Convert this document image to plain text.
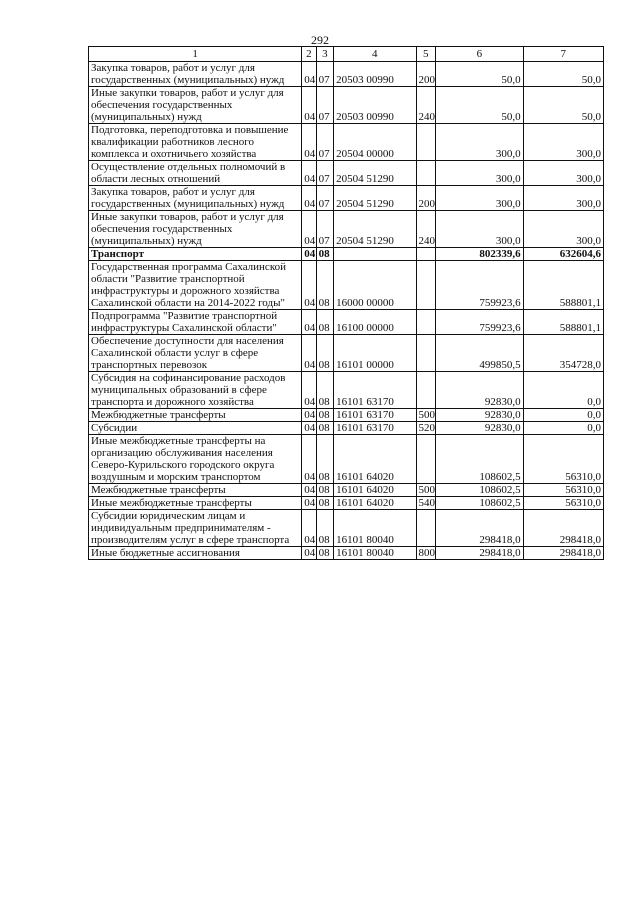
292
1	2	3	4	5	6	7
Закупка товаров, работ и услуг для государственных (муниципальных) нужд	04	07	20503 00990	200	50,0	50,0
Иные закупки товаров, работ и услуг для обеспечения государственных (муниципальных) нужд	04	07	20503 00990	240	50,0	50,0
Подготовка, переподготовка и повышение квалификации работников лесного комплекса и охотничьего хозяйства	04	07	20504 00000		300,0	300,0
Осуществление отдельных полномочий в области лесных отношений	04	07	20504 51290		300,0	300,0
Закупка товаров, работ и услуг для государственных (муниципальных) нужд	04	07	20504 51290	200	300,0	300,0
Иные закупки товаров, работ и услуг для обеспечения государственных (муниципальных) нужд	04	07	20504 51290	240	300,0	300,0
Транспорт	04	08			802339,6	632604,6
Государственная программа Сахалинской области "Развитие транспортной инфраструктуры и дорожного хозяйства Сахалинской области на 2014-2022 годы"	04	08	16000 00000		759923,6	588801,1
Подпрограмма "Развитие транспортной инфраструктуры Сахалинской области"	04	08	16100 00000		759923,6	588801,1
Обеспечение доступности для населения Сахалинской области услуг в сфере транспортных перевозок	04	08	16101 00000		499850,5	354728,0
Субсидия на софинансирование расходов муниципальных образований в сфере транспорта и дорожного хозяйства	04	08	16101 63170		92830,0	0,0
Межбюджетные трансферты	04	08	16101 63170	500	92830,0	0,0
Субсидии	04	08	16101 63170	520	92830,0	0,0
Иные межбюджетные трансферты на организацию обслуживания населения Северо-Курильского городского округа воздушным и морским транспортом	04	08	16101 64020		108602,5	56310,0
Межбюджетные трансферты	04	08	16101 64020	500	108602,5	56310,0
Иные межбюджетные трансферты	04	08	16101 64020	540	108602,5	56310,0
Субсидии юридическим лицам и индивидуальным предпринимателям - производителям услуг в сфере транспорта	04	08	16101 80040		298418,0	298418,0
Иные бюджетные ассигнования	04	08	16101 80040	800	298418,0	298418,0
